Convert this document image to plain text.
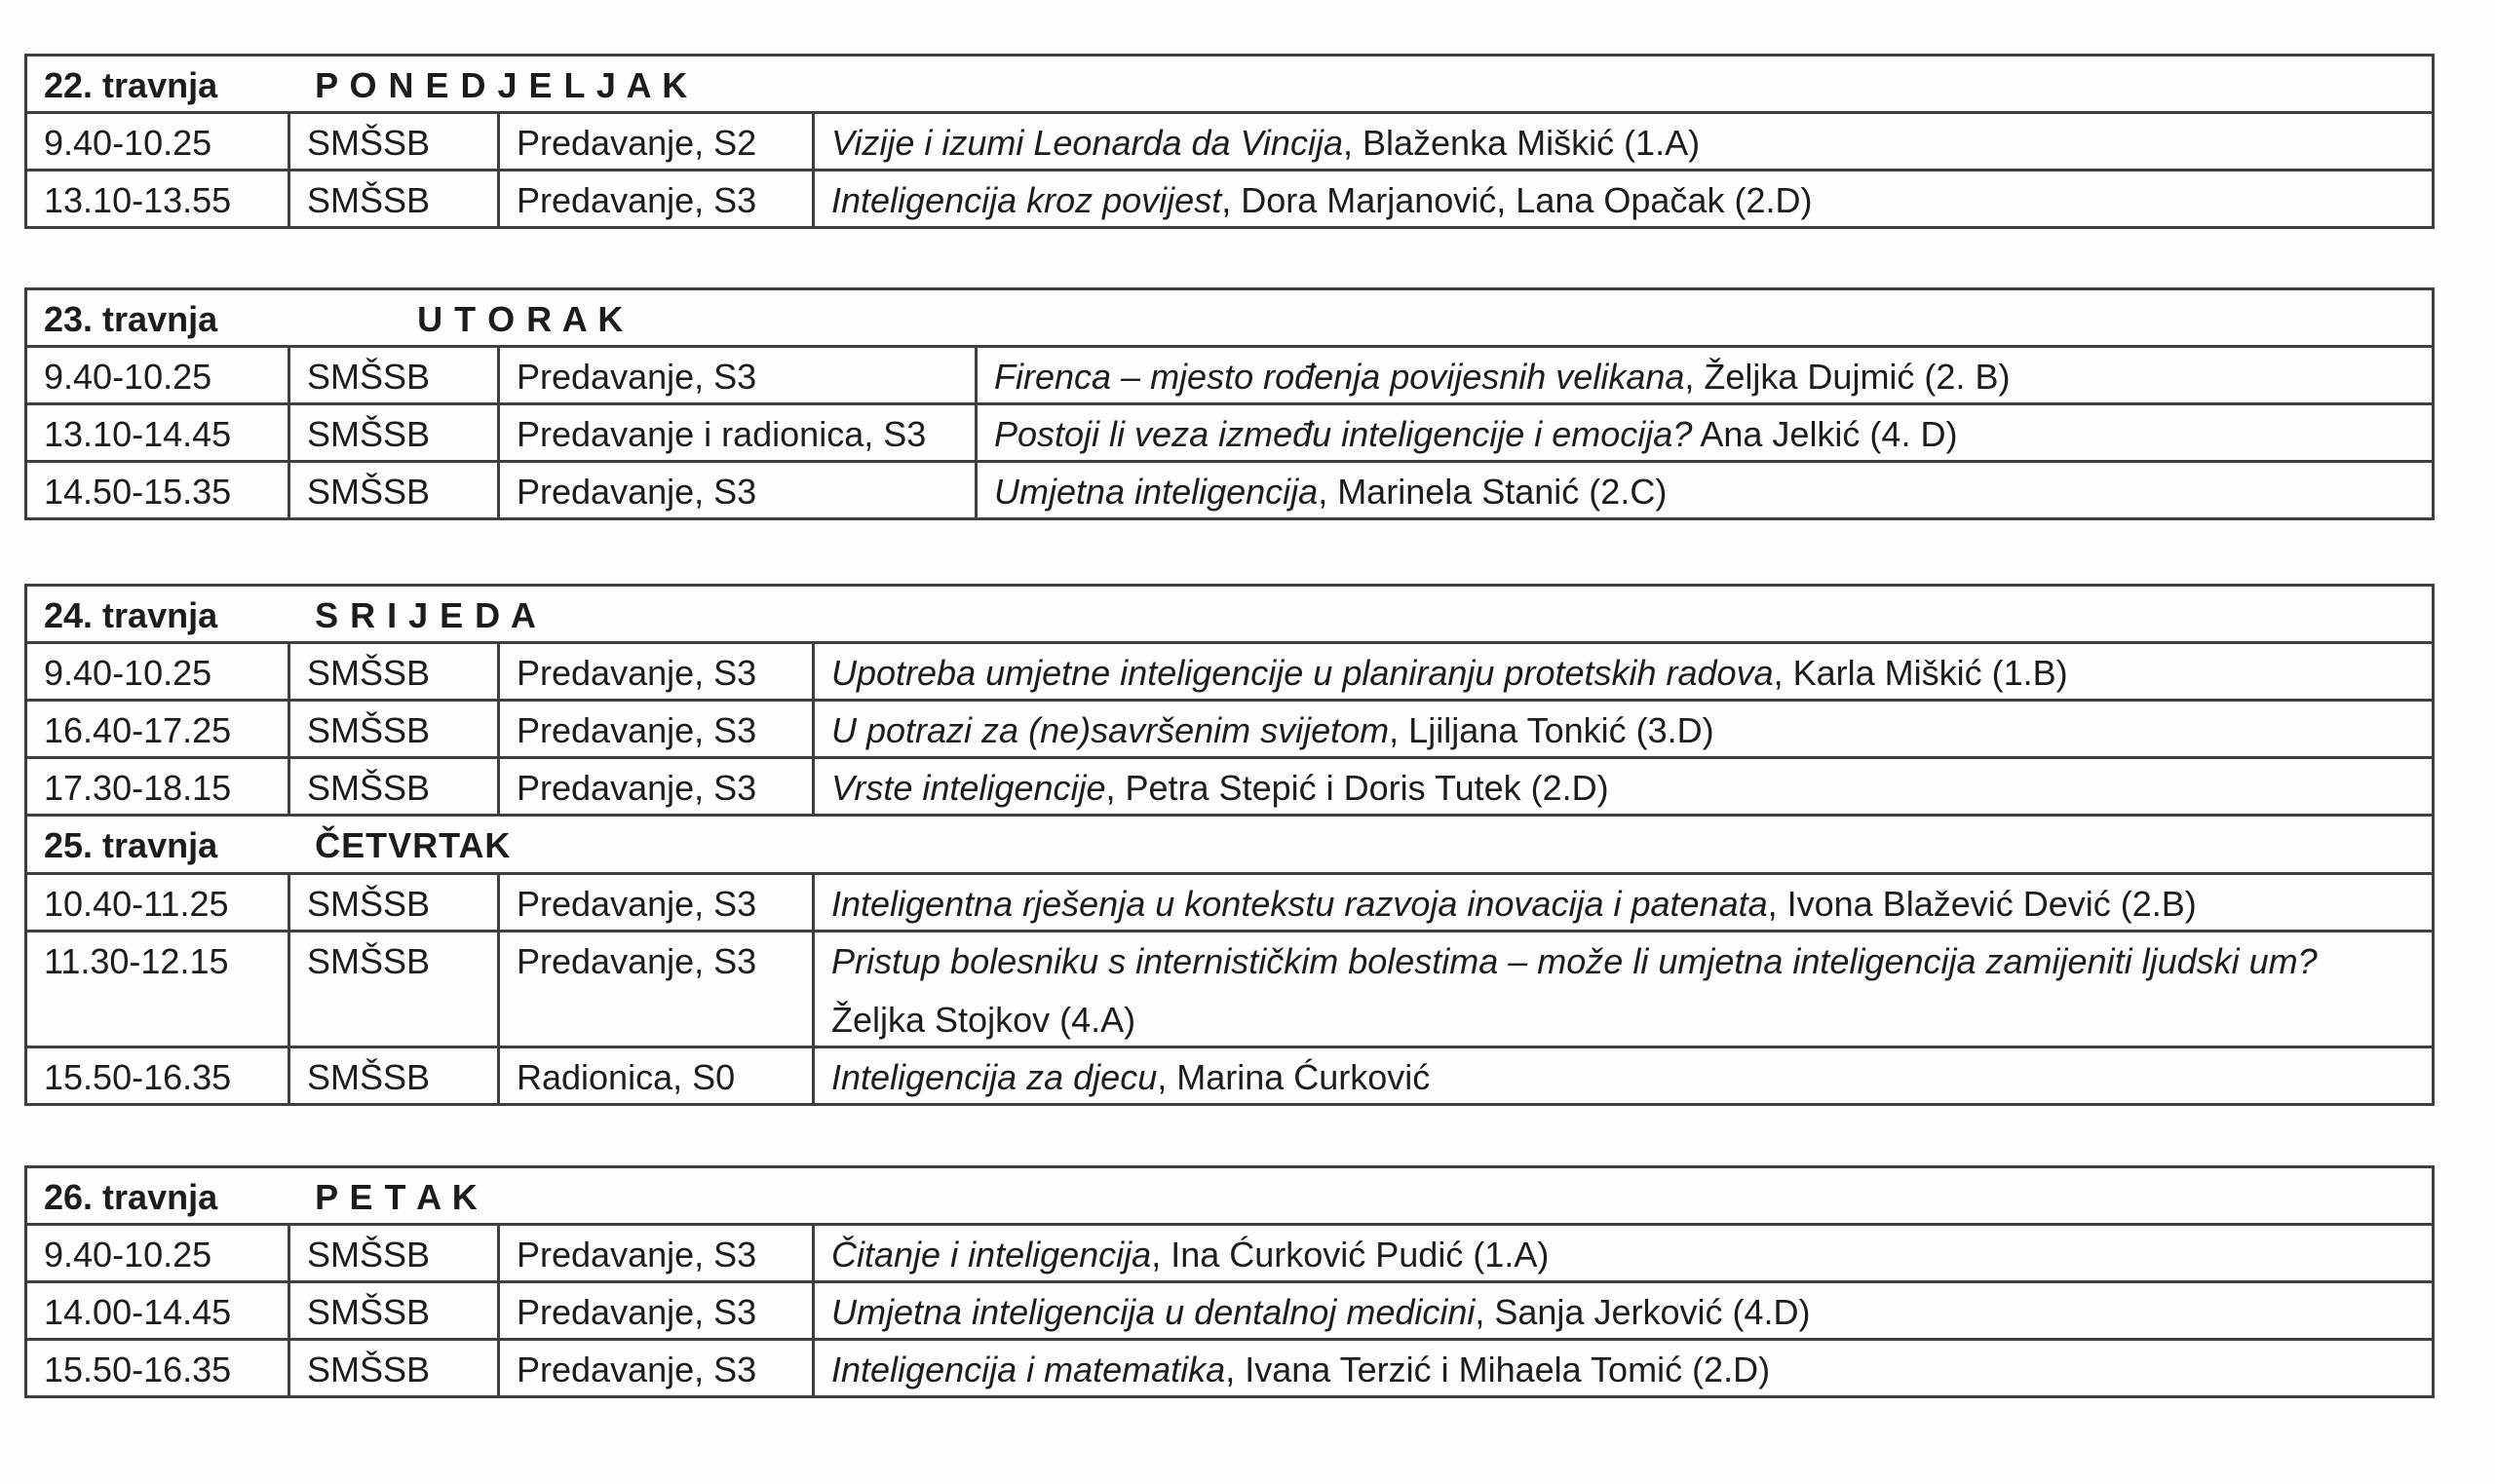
22. travnja P O N E D J E L J A K			
9.40-10.25	SMŠSB	Predavanje, S2	Vizije i izumi Leonarda da Vincija, Blaženka Miškić (1.A)
13.10-13.55	SMŠSB	Predavanje, S3	Inteligencija kroz povijest, Dora Marjanović, Lana Opačak (2.D)
23. travnja U T O R A K			
9.40-10.25	SMŠSB	Predavanje, S3	Firenca – mjesto rođenja povijesnih velikana, Željka Dujmić (2. B)
13.10-14.45	SMŠSB	Predavanje i radionica, S3	Postoji li veza između inteligencije i emocija? Ana Jelkić (4. D)
14.50-15.35	SMŠSB	Predavanje, S3	Umjetna inteligencija, Marinela Stanić (2.C)
24. travnja S R I J E D A			
9.40-10.25	SMŠSB	Predavanje, S3	Upotreba umjetne inteligencije u planiranju protetskih radova, Karla Miškić (1.B)
16.40-17.25	SMŠSB	Predavanje, S3	U potrazi za (ne)savršenim svijetom, Ljiljana Tonkić (3.D)
17.30-18.15	SMŠSB	Predavanje, S3	Vrste inteligencije, Petra Stepić i Doris Tutek (2.D)
25. travnja ČETVRTAK			
10.40-11.25	SMŠSB	Predavanje, S3	Inteligentna rješenja u kontekstu razvoja inovacija i patenata, Ivona Blažević Dević (2.B)
11.30-12.15	SMŠSB	Predavanje, S3	Pristup bolesniku s internističkim bolestima – može li umjetna inteligencija zamijeniti ljudski um?
Željka Stojkov (4.A)

15.50-16.35	SMŠSB	Radionica, S0	Inteligencija za djecu, Marina Ćurković
26. travnja P E T A K			
9.40-10.25	SMŠSB	Predavanje, S3	Čitanje i inteligencija, Ina Ćurković Pudić (1.A)
14.00-14.45	SMŠSB	Predavanje, S3	Umjetna inteligencija u dentalnoj medicini, Sanja Jerković (4.D)
15.50-16.35	SMŠSB	Predavanje, S3	Inteligencija i matematika, Ivana Terzić i Mihaela Tomić (2.D)
